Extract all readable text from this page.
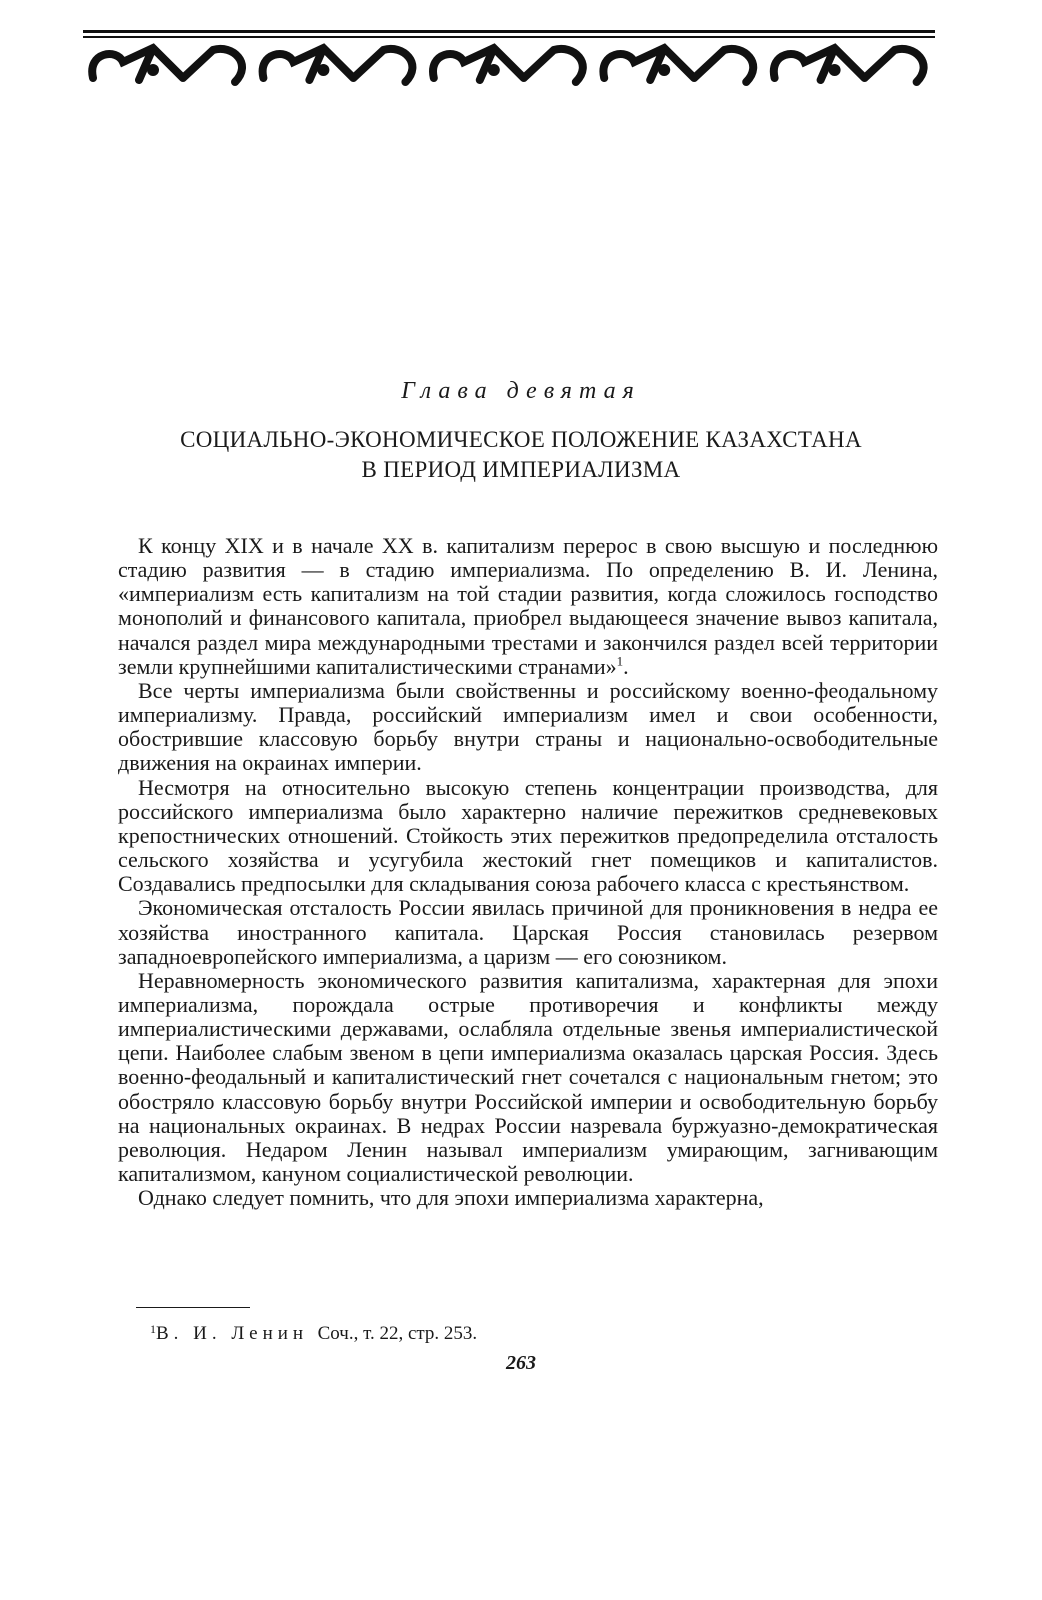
Глава девятая
СОЦИАЛЬНО-ЭКОНОМИЧЕСКОЕ ПОЛОЖЕНИЕ КАЗАХСТАНА
В ПЕРИОД ИМПЕРИАЛИЗМА

К концу XIX и в начале XX в. капитализм перерос в свою высшую и последнюю стадию развития — в стадию империализма. По определению В. И. Ленина, «империализм есть капитализм на той стадии развития, когда сложилось господство монополий и финансового капитала, приобрел выдающееся значение вывоз капитала, начался раздел мира международными трестами и закончился раздел всей территории земли крупнейшими капиталистическими странами»$^1$.

Все черты империализма были свойственны и российскому военно-феодальному империализму. Правда, российский империализм имел и свои особенности, обострившие классовую борьбу внутри страны и национально-освободительные движения на окраинах империи.

Несмотря на относительно высокую степень концентрации производства, для российского империализма было характерно наличие пережитков средневековых крепостнических отношений. Стойкость этих пережитков предопределила отсталость сельского хозяйства и усугубила жестокий гнет помещиков и капиталистов. Создавались предпосылки для складывания союза рабочего класса с крестьянством.

Экономическая отсталость России явилась причиной для проникновения в недра ее хозяйства иностранного капитала. Царская Россия становилась резервом западноевропейского империализма, а царизм — его союзником.

Неравномерность экономического развития капитализма, характерная для эпохи империализма, порождала острые противоречия и конфликты между империалистическими державами, ослабляла отдельные звенья империалистической цепи. Наиболее слабым звеном в цепи империализма оказалась царская Россия. Здесь военно-феодальный и капиталистический гнет сочетался с национальным гнетом; это обостряло классовую борьбу внутри Российской империи и освободительную борьбу на национальных окраинах. В недрах России назревала буржуазно-демократическая революция. Недаром Ленин называл империализм умирающим, загнивающим капитализмом, кануном социалистической революции.

Однако следует помнить, что для эпохи империализма характерна,

$^1$В. И. Ленин Соч., т. 22, стр. 253.
263
